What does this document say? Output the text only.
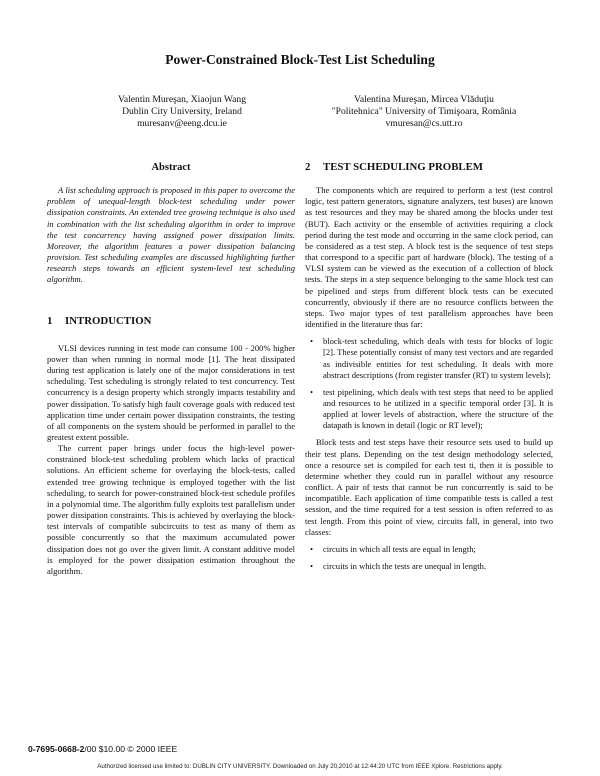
Power-Constrained Block-Test List Scheduling
Valentin Mureşan, Xiaojun Wang
Dublin City University, Ireland
muresanv@eeng.dcu.ie
Valentina Mureşan, Mircea Vlăduţiu
"Politehnica" University of Timişoara, România
vmuresan@cs.utt.ro
Abstract

A list scheduling approach is proposed in this paper to overcome the problem of unequal-length block-test scheduling under power dissipation constraints. An extended tree growing technique is also used in combination with the list scheduling algorithm in order to improve the test concurrency having assigned power dissipation limits. Moreover, the algorithm features a power dissipation balancing provision. Test scheduling examples are discussed highlighting further research steps towards an efficient system-level test scheduling algorithm.

1 INTRODUCTION

VLSI devices running in test mode can consume 100 - 200% higher power than when running in normal mode [1]. The heat dissipated during test application is lately one of the major considerations in test scheduling. Test scheduling is strongly related to test concurrency. Test concurrency is a design property which strongly impacts testability and power dissipation. To satisfy high fault coverage goals with reduced test application time under certain power dissipation constraints, the testing of all components on the system should be performed in parallel to the greatest extent possible.

The current paper brings under focus the high-level power-constrained block-test scheduling problem which lacks of practical solutions. An efficient scheme for overlaying the block-tests, called extended tree growing technique is employed together with the list scheduling, to search for power-constrained block-test schedule profiles in a polynomial time. The algorithm fully exploits test parallelism under power dissipation constraints. This is achieved by overlaying the block-test intervals of compatible subcircuits to test as many of them as possible concurrently so that the maximum accumulated power dissipation does not go over the given limit. A constant additive model is employed for the power dissipation estimation throughout the algorithm.

2 TEST SCHEDULING PROBLEM

The components which are required to perform a test (test control logic, test pattern generators, signature analyzers, test buses) are known as test resources and they may be shared among the blocks under test (BUT). Each activity or the ensemble of activities requiring a clock period during the test mode and occurring in the same clock period, can be considered as a test step. A block test is the sequence of test steps that correspond to a specific part of hardware (block). The testing of a VLSI system can be viewed as the execution of a collection of block tests. The steps in a step sequence belonging to the same block test can be pipelined and steps from different block tests can be executed concurrently, obviously if there are no resource conflicts between the steps. Two major types of test parallelism approaches have been identified in the literature thus far:

• block-test scheduling, which deals with tests for blocks of logic [2]. These potentially consist of many test vectors and are regarded as indivisible entities for test scheduling. It deals with more abstract descriptions (from register transfer (RT) to system levels);
• test pipelining, which deals with test steps that need to be applied and resources to be utilized in a specific temporal order [3]. It is applied at lower levels of abstraction, where the structure of the datapath is known in detail (logic or RT level);

Block tests and test steps have their resource sets used to build up their test plans. Depending on the test design methodology selected, once a resource set is compiled for each test ti, then it is possible to determine whether they could run in parallel without any resource conflict. A pair of tests that cannot be run concurrently is said to be incompatible. Each application of time compatible tests is called a test session, and the time required for a test session is often referred to as test length. From this point of view, circuits fall, in general, into two classes:

• circuits in which all tests are equal in length;
• circuits in which the tests are unequal in length.
0-7695-0668-2/00 $10.00 © 2000 IEEE
Authorized licensed use limited to: DUBLIN CITY UNIVERSITY. Downloaded on July 20,2010 at 12:44:20 UTC from IEEE Xplore. Restrictions apply.
